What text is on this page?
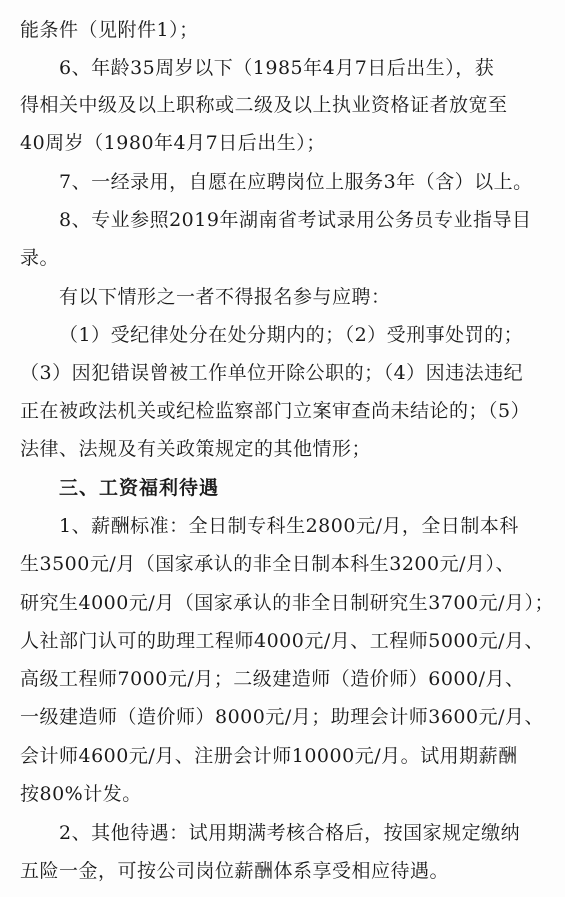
能条件（见附件1）；
6、年龄35周岁以下（1985年4月7日后出生），获
得相关中级及以上职称或二级及以上执业资格证者放宽至
40周岁（1980年4月7日后出生）；
7、一经录用，自愿在应聘岗位上服务3年（含）以上。
8、专业参照2019年湖南省考试录用公务员专业指导目
录。
有以下情形之一者不得报名参与应聘：
（1）受纪律处分在处分期内的；（2）受刑事处罚的；
（3）因犯错误曾被工作单位开除公职的；（4）因违法违纪
正在被政法机关或纪检监察部门立案审查尚未结论的；（5）
法律、法规及有关政策规定的其他情形；
三、工资福利待遇
1、薪酬标准：全日制专科生2800元/月，全日制本科
生3500元/月（国家承认的非全日制本科生3200元/月）、
研究生4000元/月（国家承认的非全日制研究生3700元/月）；
人社部门认可的助理工程师4000元/月、工程师5000元/月、
高级工程师7000元/月；二级建造师（造价师）6000/月、
一级建造师（造价师）8000元/月；助理会计师3600元/月、
会计师4600元/月、注册会计师10000元/月。试用期薪酬
按80%计发。
2、其他待遇：试用期满考核合格后，按国家规定缴纳
五险一金，可按公司岗位薪酬体系享受相应待遇。
